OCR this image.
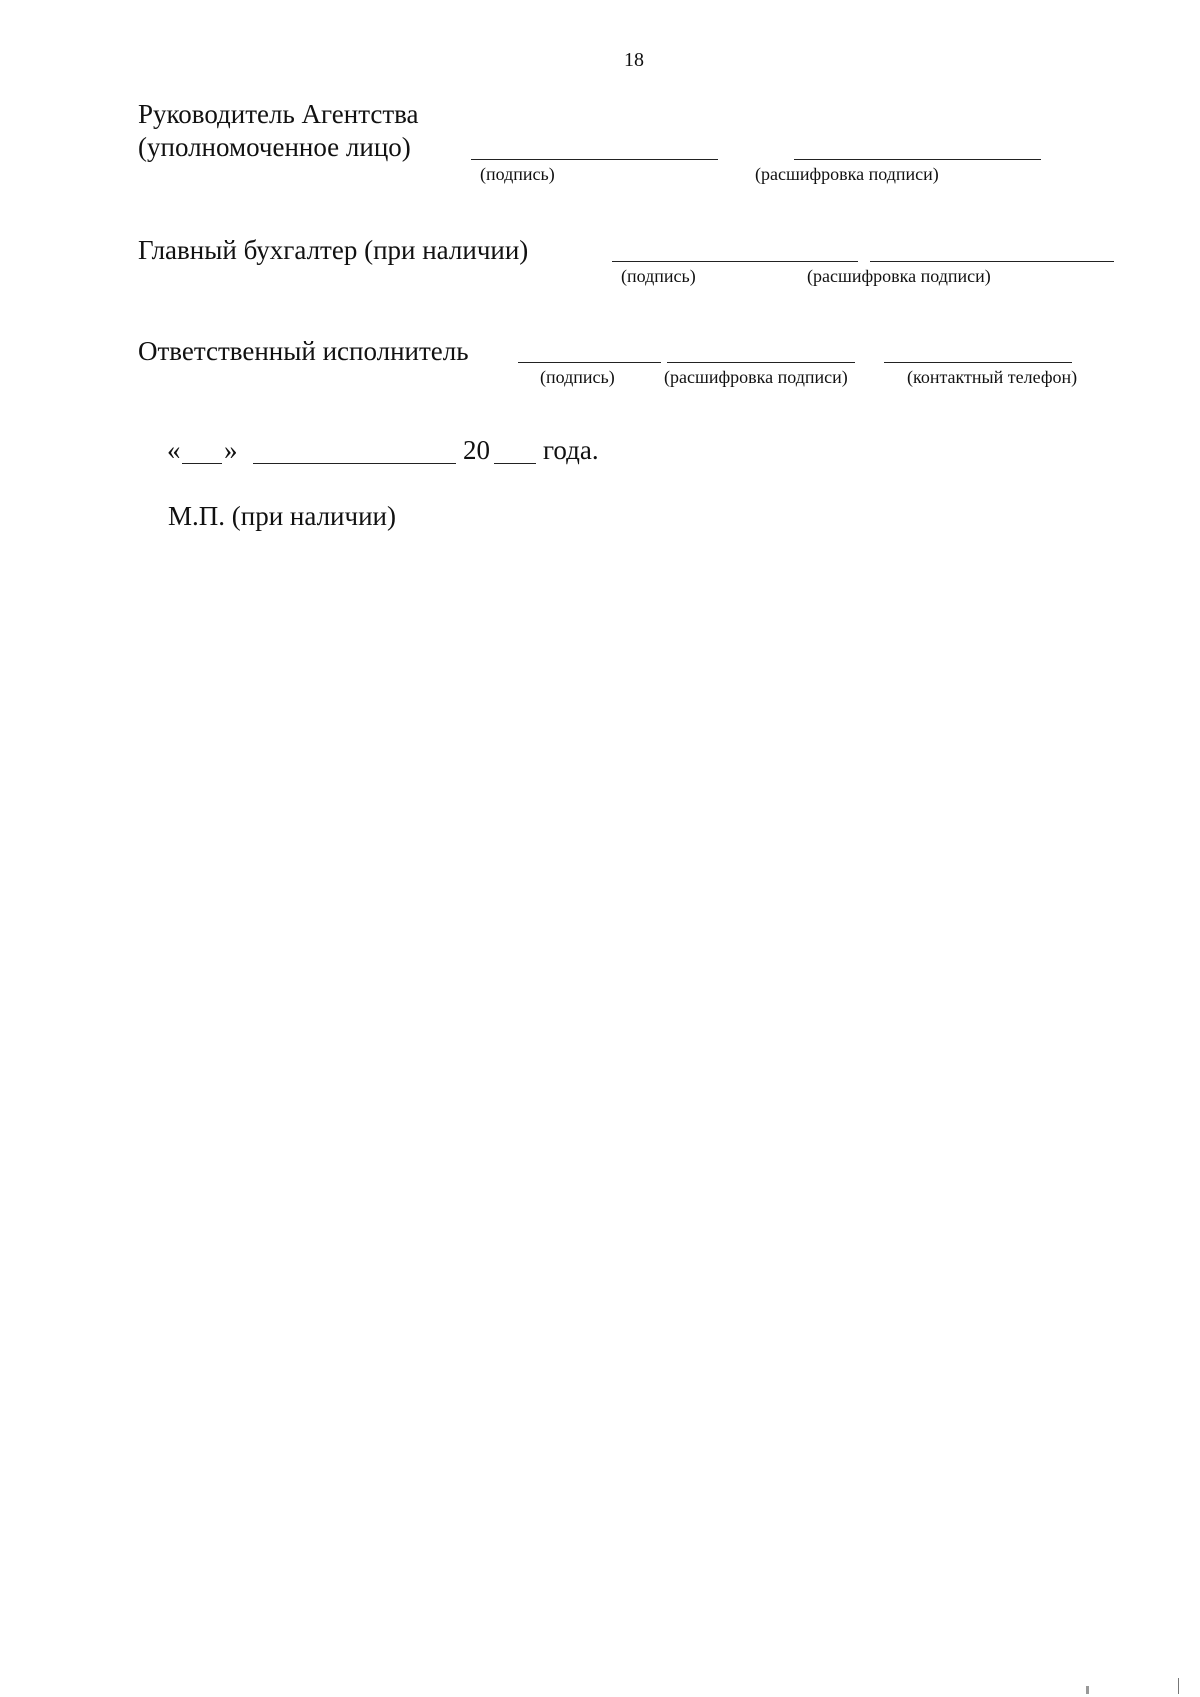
18
Руководитель Агентства
(уполномоченное лицо)
(подпись)	(расшифровка подписи)
Главный бухгалтер (при наличии)
(подпись)	(расшифровка подписи)
Ответственный исполнитель
(подпись)	(расшифровка подписи)	(контактный телефон)
« »	20 года.
М.П. (при наличии)
